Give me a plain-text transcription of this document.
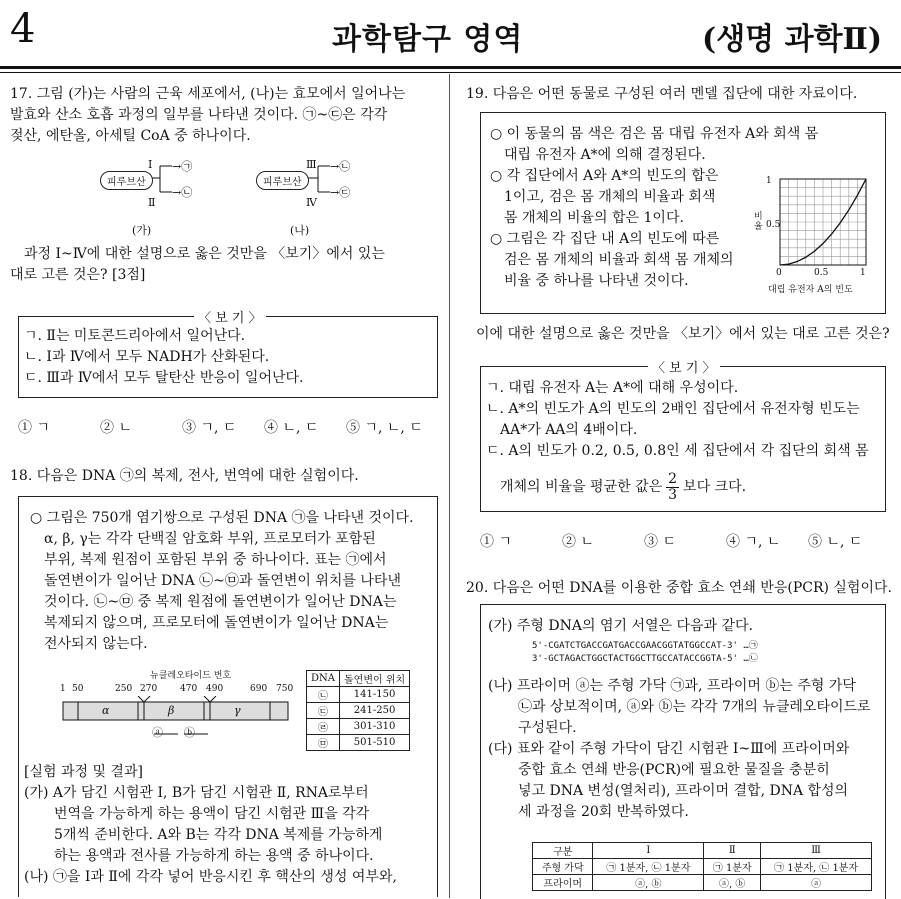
4	과학탐구 영역	(생명 과학Ⅱ)
17. 그림 (가)는 사람의 근육 세포에서, (나)는 효모에서 일어나는
발효와 산소 호흡 과정의 일부를 나타낸 것이다. ㉠~㉢은 각각
젖산, 에탄올, 아세틸 CoA 중 하나이다.
피루브산	피루브산
Ⅰ
Ⅱ
Ⅲ
Ⅳ
→㉠
→㉡
→㉡
→㉢
(가)	(나)
과정 Ⅰ~Ⅳ에 대한 설명으로 옳은 것만을 〈보기〉에서 있는
대로 고른 것은? [3점]
〈 보 기 〉
ㄱ. Ⅱ는 미토콘드리아에서 일어난다.
ㄴ. Ⅰ과 Ⅳ에서 모두 NADH가 산화된다.
ㄷ. Ⅲ과 Ⅳ에서 모두 탈탄산 반응이 일어난다.
① ㄱ	② ㄴ	③ ㄱ, ㄷ ④ ㄴ, ㄷ ⑤ ㄱ, ㄴ, ㄷ
18. 다음은 DNA ㉠의 복제, 전사, 번역에 대한 실험이다.
○ 그림은 750개 염기쌍으로 구성된 DNA ㉠을 나타낸 것이다.
α, β, γ는 각각 단백질 암호화 부위, 프로모터가 포함된
부위, 복제 원점이 포함된 부위 중 하나이다. 표는 ㉠에서
돌연변이가 일어난 DNA ㉡~㉤과 돌연변이 위치를 나타낸
것이다. ㉡~㉤ 중 복제 원점에 돌연변이가 일어난 DNA는
복제되지 않으며, 프로모터에 돌연변이가 일어난 DNA는
전사되지 않는다.
뉴클레오타이드 번호
1 50	250 270	470 490	690 750
α	β	γ
ⓐ ⓑ
DNA	돌연변이 위치
㉡	141-150
㉢	241-250
㉣	301-310
㉤	501-510
[실험 과정 및 결과]
(가) A가 담긴 시험관 Ⅰ, B가 담긴 시험관 Ⅱ, RNA로부터
번역을 가능하게 하는 용액이 담긴 시험관 Ⅲ을 각각
5개씩 준비한다. A와 B는 각각 DNA 복제를 가능하게
하는 용액과 전사를 가능하게 하는 용액 중 하나이다.
(나) ㉠을 Ⅰ과 Ⅱ에 각각 넣어 반응시킨 후 핵산의 생성 여부와,
19. 다음은 어떤 동물로 구성된 여러 멘델 집단에 대한 자료이다.
○ 이 동물의 몸 색은 검은 몸 대립 유전자 A와 회색 몸
대립 유전자 A*에 의해 결정된다.
○ 각 집단에서 A와 A*의 빈도의 합은
1이고, 검은 몸 개체의 비율과 회색
몸 개체의 비율의 합은 1이다.
○ 그림은 각 집단 내 A의 빈도에 따른
검은 몸 개체의 비율과 회색 몸 개체의
비율 중 하나를 나타낸 것이다.
1
0.5
비율
0	0.5	1
대립 유전자 A의 빈도
이에 대한 설명으로 옳은 것만을 〈보기〉에서 있는 대로 고른 것은?
〈 보 기 〉
ㄱ. 대립 유전자 A는 A*에 대해 우성이다.
ㄴ. A*의 빈도가 A의 빈도의 2배인 집단에서 유전자형 빈도는
AA*가 AA의 4배이다.
ㄷ. A의 빈도가 0.2, 0.5, 0.8인 세 집단에서 각 집단의 회색 몸
개체의 비율을 평균한 값은 $\frac{2}{3}$ 보다 크다.
① ㄱ	② ㄴ	③ ㄷ	④ ㄱ, ㄴ ⑤ ㄴ, ㄷ
20. 다음은 어떤 DNA를 이용한 중합 효소 연쇄 반응(PCR) 실험이다.
(가) 주형 DNA의 염기 서열은 다음과 같다.
5'-CGATCTGACCGATGACCGAACGGTATGGCCAT-3' …㉠
3'-GCTAGACTGGCTACTGGCTTGCCATACCGGTA-5' …㉡
(나) 프라이머 ⓐ는 주형 가닥 ㉠과, 프라이머 ⓑ는 주형 가닥
㉡과 상보적이며, ⓐ와 ⓑ는 각각 7개의 뉴클레오타이드로
구성된다.
(다) 표와 같이 주형 가닥이 담긴 시험관 Ⅰ~Ⅲ에 프라이머와
중합 효소 연쇄 반응(PCR)에 필요한 물질을 충분히
넣고 DNA 변성(열처리), 프라이머 결합, DNA 합성의
세 과정을 20회 반복하였다.
구분	Ⅰ	Ⅱ	Ⅲ
주형 가닥	㉠ 1분자, ㉡ 1분자	㉠ 1분자	㉠ 1분자, ㉡ 1분자
프라이머	ⓐ, ⓑ	ⓐ, ⓑ	ⓐ
